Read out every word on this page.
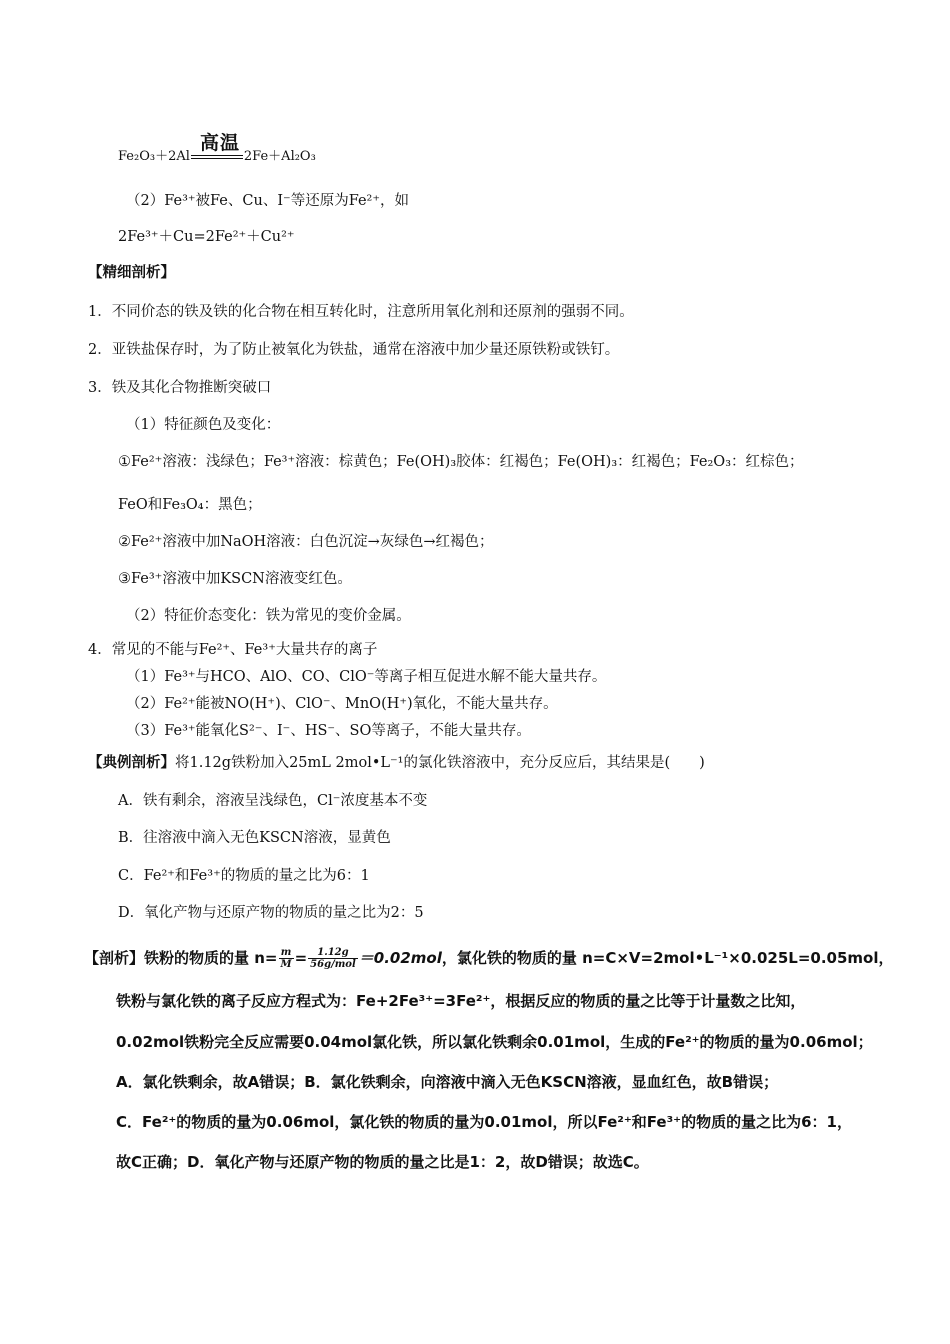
高温
Fe₂O₃＋2Al	2Fe＋Al₂O₃
（2）Fe³⁺被Fe、Cu、I⁻等还原为Fe²⁺，如
2Fe³⁺＋Cu=2Fe²⁺＋Cu²⁺
【精细剖析】
1．不同价态的铁及铁的化合物在相互转化时，注意所用氧化剂和还原剂的强弱不同。
2．亚铁盐保存时，为了防止被氧化为铁盐，通常在溶液中加少量还原铁粉或铁钉。
3．铁及其化合物推断突破口
（1）特征颜色及变化：
①Fe²⁺溶液：浅绿色；Fe³⁺溶液：棕黄色；Fe(OH)₃胶体：红褐色；Fe(OH)₃：红褐色；Fe₂O₃：红棕色；
FeO和Fe₃O₄：黑色；
②Fe²⁺溶液中加NaOH溶液：白色沉淀→灰绿色→红褐色；
③Fe³⁺溶液中加KSCN溶液变红色。
（2）特征价态变化：铁为常见的变价金属。
4．常见的不能与Fe²⁺、Fe³⁺大量共存的离子
（1）Fe³⁺与HCO、AlO、CO、ClO⁻等离子相互促进水解不能大量共存。
（2）Fe²⁺能被NO(H⁺)、ClO⁻、MnO(H⁺)氧化，不能大量共存。
（3）Fe³⁺能氧化S²⁻、I⁻、HS⁻、SO等离子，不能大量共存。
【典例剖析】将1.12g铁粉加入25mL 2mol•L⁻¹的氯化铁溶液中，充分反应后，其结果是(　　)
A．铁有剩余，溶液呈浅绿色，Cl⁻浓度基本不变
B．往溶液中滴入无色KSCN溶液，显黄色
C．Fe²⁺和Fe³⁺的物质的量之比为6：1
D．氧化产物与还原产物的物质的量之比为2：5
【剖析】铁粉的物质的量 $n= \frac{m}{M} = \frac{1.12g}{\text{56g/mol}} =0.02mol$，氯化铁的物质的量 n=C×V=2mol•L⁻¹×0.025L=0.05mol，
铁粉与氯化铁的离子反应方程式为：Fe+2Fe³⁺=3Fe²⁺，根据反应的物质的量之比等于计量数之比知，
0.02mol铁粉完全反应需要0.04mol氯化铁，所以氯化铁剩余0.01mol，生成的Fe²⁺的物质的量为0.06mol；
A．氯化铁剩余，故A错误；B．氯化铁剩余，向溶液中滴入无色KSCN溶液，显血红色，故B错误；
C．Fe²⁺的物质的量为0.06mol，氯化铁的物质的量为0.01mol，所以Fe²⁺和Fe³⁺的物质的量之比为6：1，
故C正确；D．氧化产物与还原产物的物质的量之比是1：2，故D错误；故选C。
